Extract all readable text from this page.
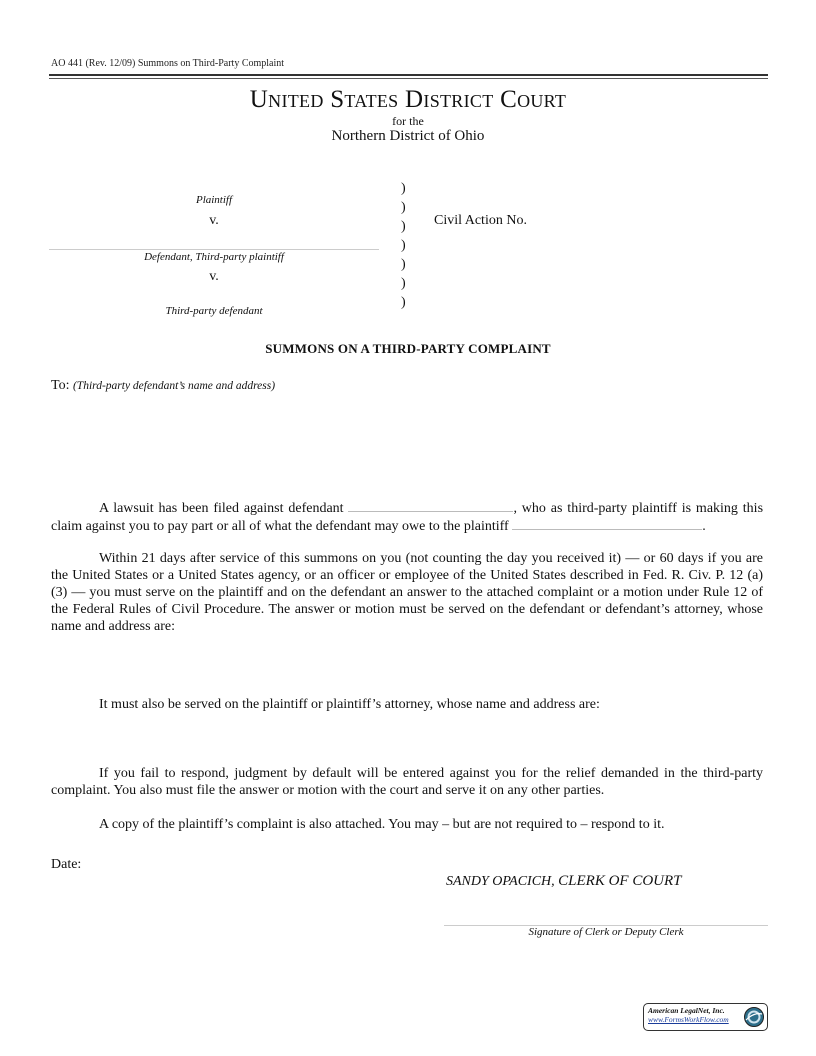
AO 441 (Rev. 12/09) Summons on Third-Party Complaint
UNITED STATES DISTRICT COURT
for the
Northern District of Ohio
Plaintiff
v.
Defendant, Third-party plaintiff
v.
Third-party defendant
)
)
)
)
)
)
)
Civil Action No.
SUMMONS ON A THIRD-PARTY COMPLAINT
To: (Third-party defendant’s name and address)
A lawsuit has been filed against defendant	, who as third-party plaintiff is making this claim against you to pay part or all of what the defendant may owe to the plaintiff	.
Within 21 days after service of this summons on you (not counting the day you received it) — or 60 days if you are the United States or a United States agency, or an officer or employee of the United States described in Fed. R. Civ. P. 12 (a)(3) — you must serve on the plaintiff and on the defendant an answer to the attached complaint or a motion under Rule 12 of the Federal Rules of Civil Procedure. The answer or motion must be served on the defendant or defendant’s attorney, whose name and address are:
It must also be served on the plaintiff or plaintiff’s attorney, whose name and address are:
If you fail to respond, judgment by default will be entered against you for the relief demanded in the third-party complaint. You also must file the answer or motion with the court and serve it on any other parties.
A copy of the plaintiff’s complaint is also attached. You may – but are not required to – respond to it.
Date:
SANDY OPACICH, CLERK OF COURT
Signature of Clerk or Deputy Clerk
American LegalNet, Inc.
www.FormsWorkFlow.com
